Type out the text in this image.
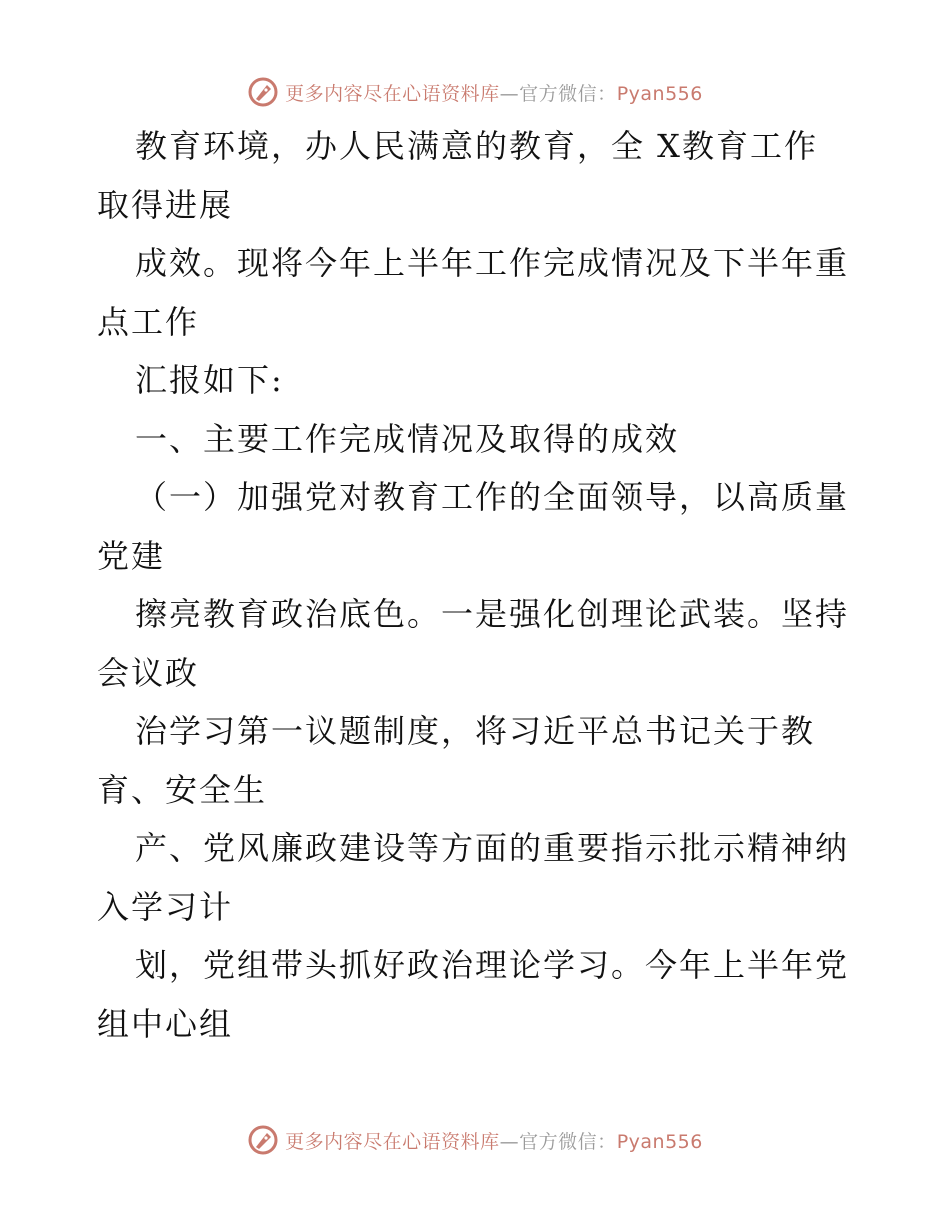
更多内容尽在心语资料库—官方微信：Pyan556
教育环境，办人民满意的教育，全 X教育工作
取得进展
成效。现将今年上半年工作完成情况及下半年重
点工作
汇报如下:
一、主要工作完成情况及取得的成效
（一）加强党对教育工作的全面领导，以高质量
党建
擦亮教育政治底色。一是强化创理论武装。坚持
会议政
治学习第一议题制度，将习近平总书记关于教
育、安全生
产、党风廉政建设等方面的重要指示批示精神纳
入学习计
划，党组带头抓好政治理论学习。今年上半年党
组中心组
更多内容尽在心语资料库—官方微信：Pyan556
